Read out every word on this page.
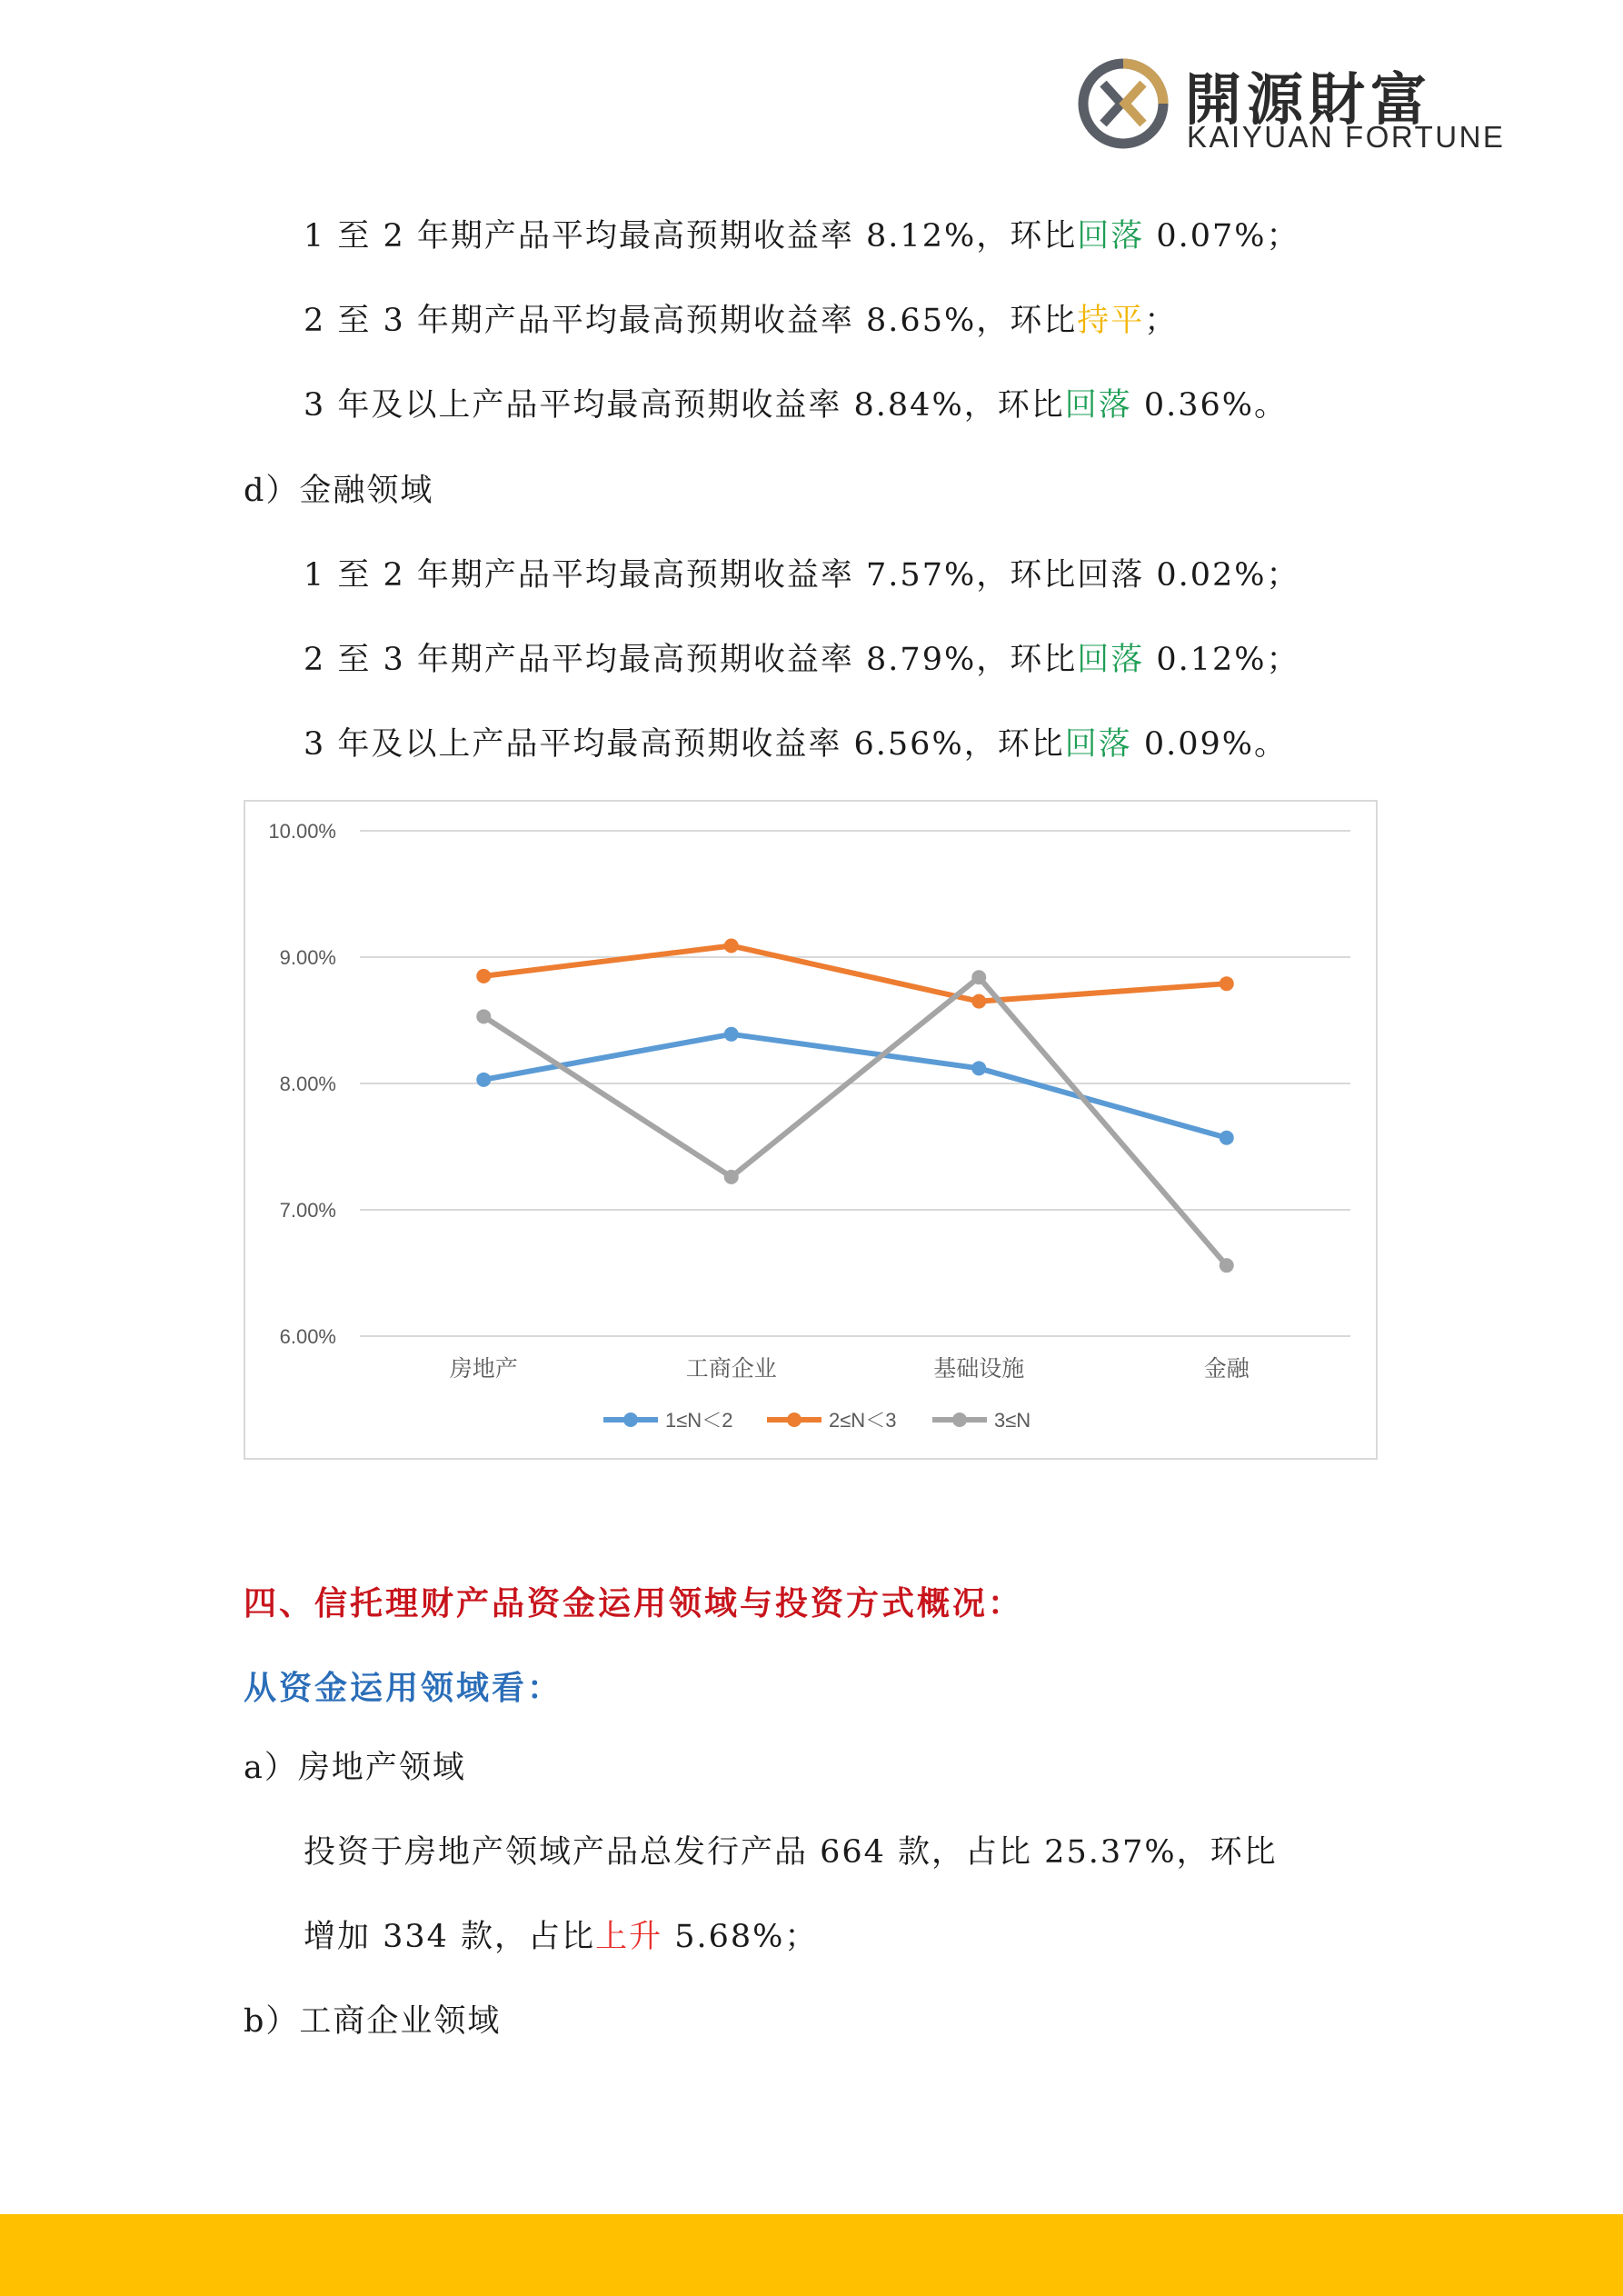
開源財富
KAIYUAN FORTUNE
1 至 2 年期产品平均最高预期收益率 8.12%，环比回落 0.07%；
2 至 3 年期产品平均最高预期收益率 8.65%，环比持平；
3 年及以上产品平均最高预期收益率 8.84%，环比回落 0.36%。
d）金融领域
1 至 2 年期产品平均最高预期收益率 7.57%，环比回落 0.02%；
2 至 3 年期产品平均最高预期收益率 8.79%，环比回落 0.12%；
3 年及以上产品平均最高预期收益率 6.56%，环比回落 0.09%。
10.00%
9.00%
8.00%
7.00%
6.00%
房地产	工商企业	基础设施	金融
1≤N＜2	2≤N＜3	3≤N
四、信托理财产品资金运用领域与投资方式概况：
从资金运用领域看：
a）房地产领域
投资于房地产领域产品总发行产品 664 款，占比 25.37%，环比
增加 334 款，占比上升 5.68%；
b）工商企业领域
